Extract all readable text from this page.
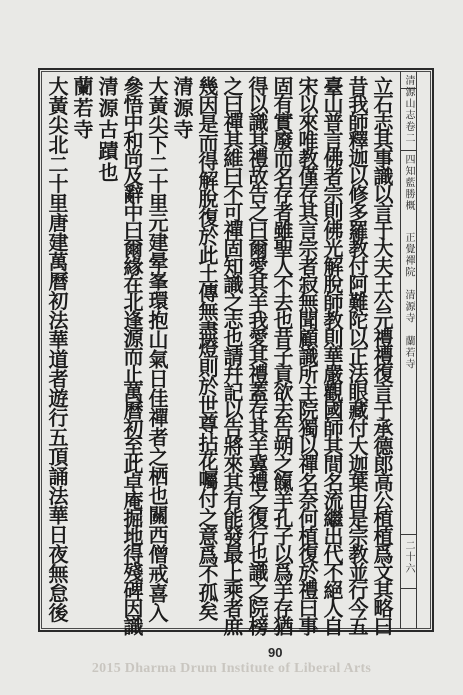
清源山志卷二
四知藍勝概
正覺禪院　清源寺　蘭若寺
二十六
立石志其事識以言于大夫王公元禮禮復言于承德郎高公植植爲文其略曰
昔我師釋迦以修多羅教付阿難陀以正法眼藏付大迦葉由是宗教並行今五
臺山普言佛者宗則佛光解脫師教則華嚴觀國師其間名流繼出代不絕人自
宋以來唯教僅存其言宗者寂無聞顧識所主院獨以禪名奈何植復於禮曰事
固有實廢而名存者雖聖人不去也昔子貢欲去告朔之餼羊孔子以爲羊存猶
得以識其禮故告之曰爾愛其羊我愛其禮蓋存其羊冀禮之復行也識之院榜
之曰禪其維曰不可禪固知識之志也請幷記以告將來其有能發最上乘者庶
幾因是而得解脫復於此土傳無盡燈則於世尊拈花囑付之意爲不孤矣
清源寺
大黃尖下二十里元建晕峯環抱山氣日佳禪者之栖也關西僧戒喜入
參悟中和尚及辭中曰爾緣在北逢源而止萬曆初至此卓庵掘地得殘碑因識
清源古蹟也
蘭若寺
大黃尖北二十里唐建萬曆初法華道者遊行五頂誦法華日夜無怠後
90
2015 Dharma Drum Institute of Liberal Arts
